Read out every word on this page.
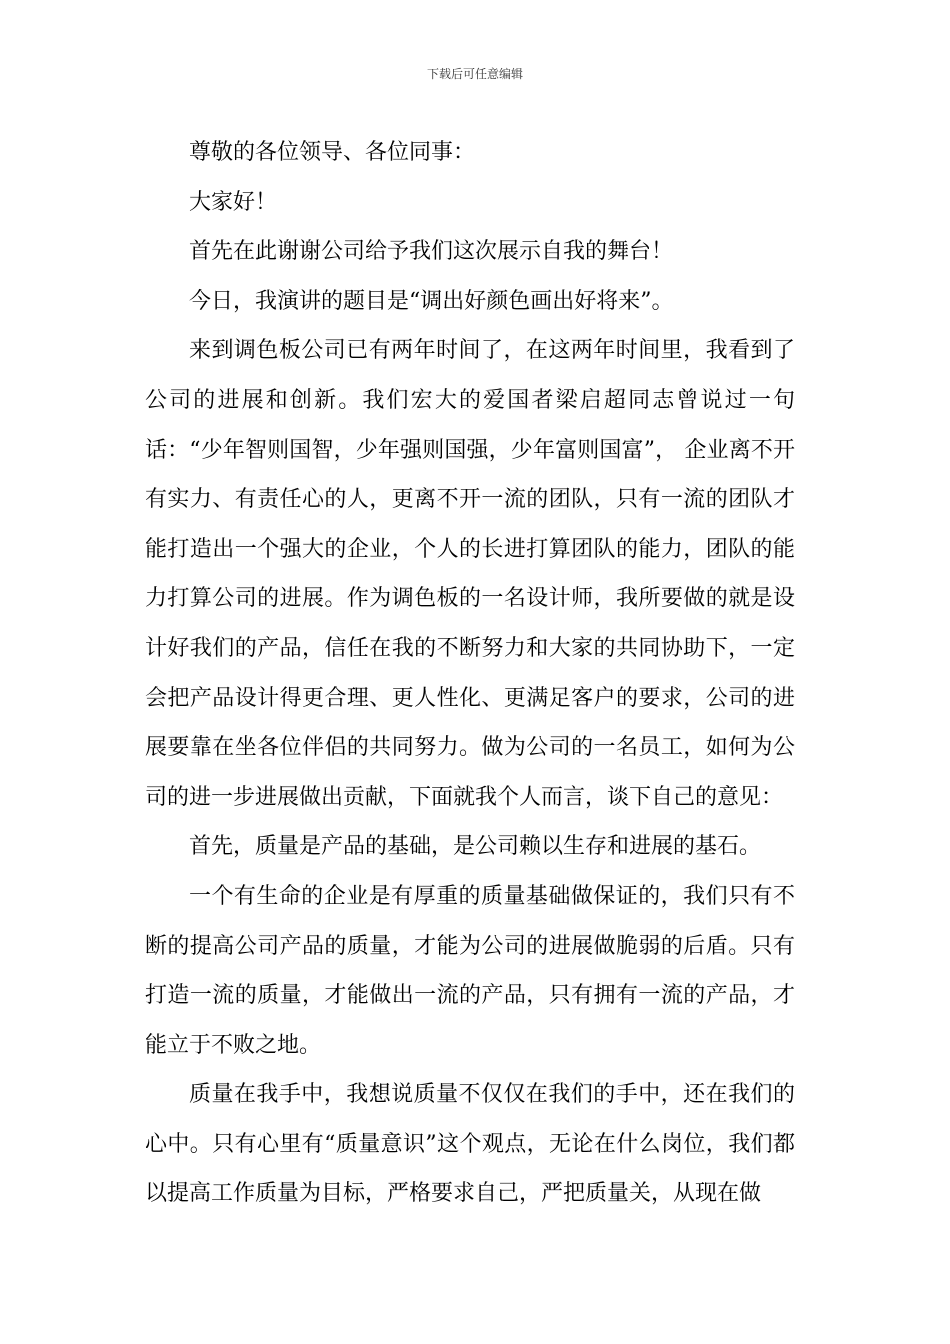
下载后可任意编辑

尊敬的各位领导、各位同事：

大家好！

首先在此谢谢公司给予我们这次展示自我的舞台！

今日，我演讲的题目是“调出好颜色画出好将来”。

来到调色板公司已有两年时间了，在这两年时间里，我看到了公司的进展和创新。我们宏大的爱国者梁启超同志曾说过一句话：“少年智则国智，少年强则国强，少年富则国富”， 企业离不开有实力、有责任心的人，更离不开一流的团队，只有一流的团队才能打造出一个强大的企业，个人的长进打算团队的能力，团队的能力打算公司的进展。作为调色板的一名设计师，我所要做的就是设计好我们的产品，信任在我的不断努力和大家的共同协助下，一定会把产品设计得更合理、更人性化、更满足客户的要求，公司的进展要靠在坐各位伴侣的共同努力。做为公司的一名员工，如何为公司的进一步进展做出贡献，下面就我个人而言，谈下自己的意见：

首先，质量是产品的基础，是公司赖以生存和进展的基石。

一个有生命的企业是有厚重的质量基础做保证的，我们只有不断的提高公司产品的质量，才能为公司的进展做脆弱的后盾。只有打造一流的质量，才能做出一流的产品，只有拥有一流的产品，才能立于不败之地。

质量在我手中，我想说质量不仅仅在我们的手中，还在我们的心中。只有心里有“质量意识”这个观点，无论在什么岗位，我们都以提高工作质量为目标，严格要求自己，严把质量关，从现在做
